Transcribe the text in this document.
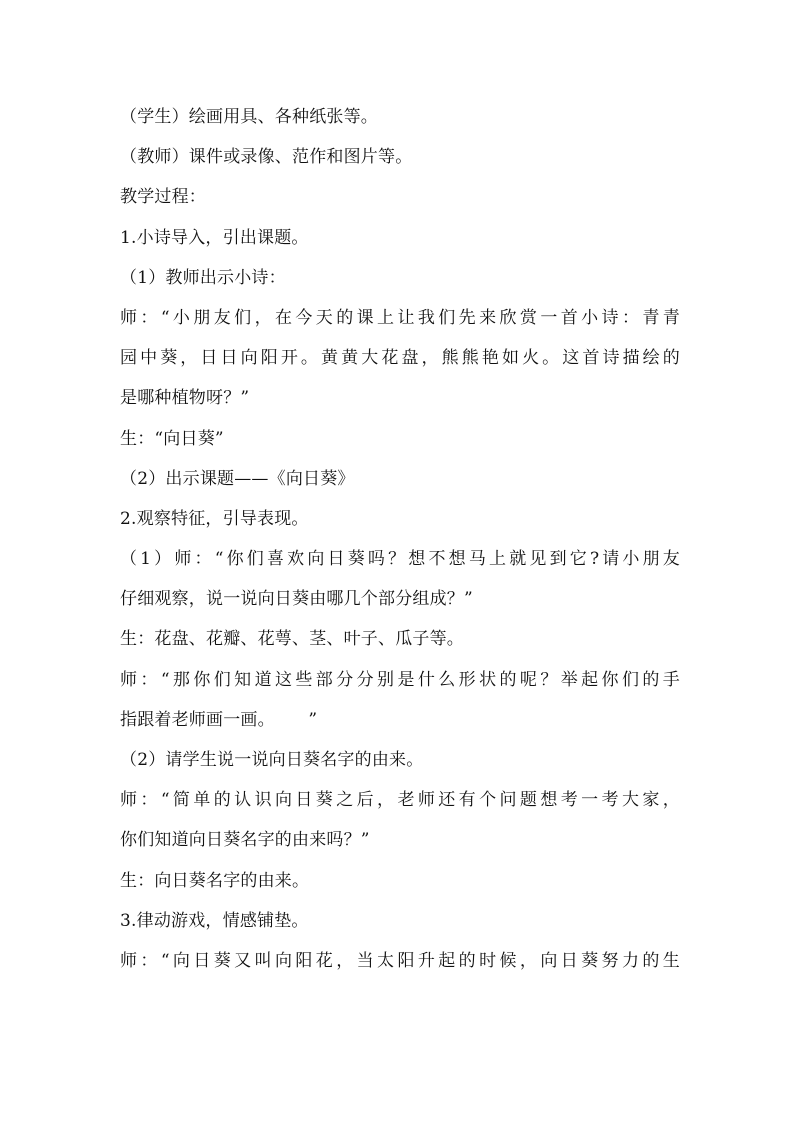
（学生）绘画用具、各种纸张等。
（教师）课件或录像、范作和图片等。
教学过程：
1.小诗导入，引出课题。
（1）教师出示小诗：
师：“小朋友们，在今天的课上让我们先来欣赏一首小诗：青青
园中葵，日日向阳开。黄黄大花盘，熊熊艳如火。这首诗描绘的
是哪种植物呀？”
生：“向日葵”
（2）出示课题——《向日葵》
2.观察特征，引导表现。
（1）师：“你们喜欢向日葵吗？想不想马上就见到它?请小朋友
仔细观察，说一说向日葵由哪几个部分组成？”
生：花盘、花瓣、花萼、茎、叶子、瓜子等。
师：“那你们知道这些部分分别是什么形状的呢？举起你们的手
指跟着老师画一画。      ”
（2）请学生说一说向日葵名字的由来。
师：“简单的认识向日葵之后，老师还有个问题想考一考大家，
你们知道向日葵名字的由来吗？”
生：向日葵名字的由来。
3.律动游戏，情感铺垫。
师：“向日葵又叫向阳花，当太阳升起的时候，向日葵努力的生
